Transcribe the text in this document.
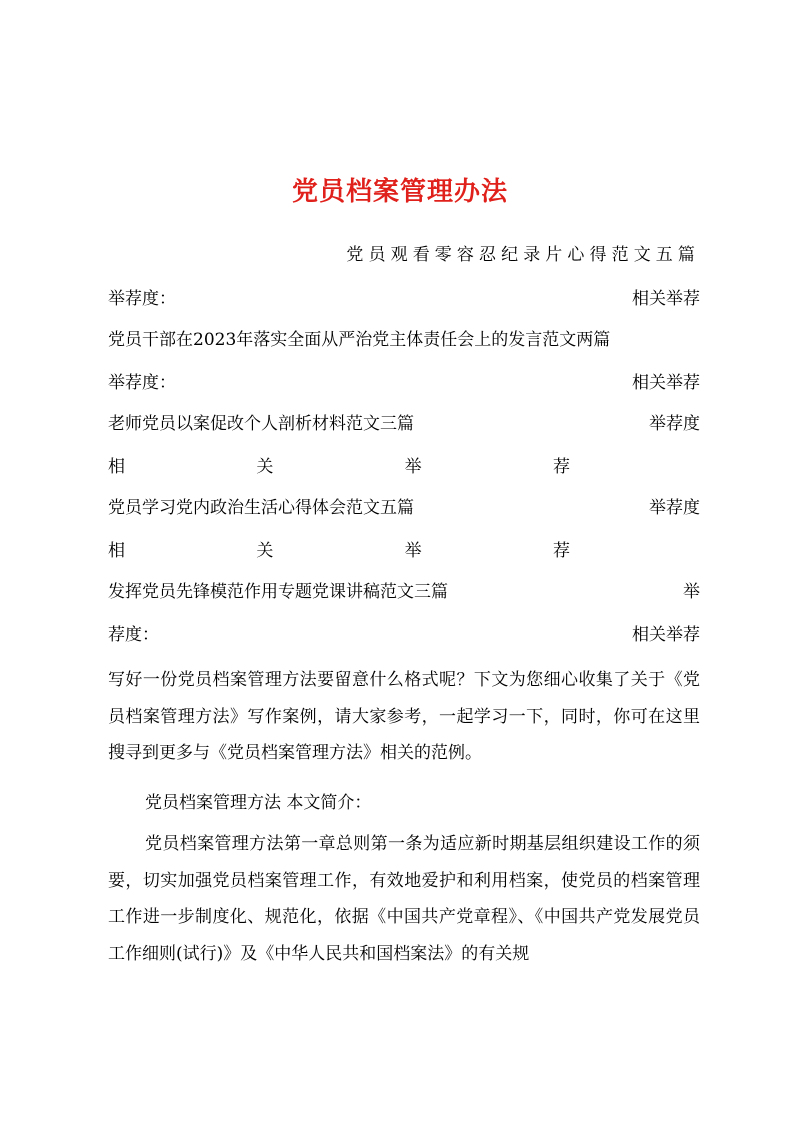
党员档案管理办法
党员观看零容忍纪录片心得范文五篇
举荐度：	相关举荐
党员干部在2023年落实全面从严治党主体责任会上的发言范文两篇
举荐度：	相关举荐
老师党员以案促改个人剖析材料范文三篇	举荐度
相	关	举	荐
党员学习党内政治生活心得体会范文五篇	举荐度
相	关	举	荐
发挥党员先锋模范作用专题党课讲稿范文三篇	举
荐度：	相关举荐
写好一份党员档案管理方法要留意什么格式呢？下文为您细心收集了关于《党员档案管理方法》写作案例，请大家参考，一起学习一下，同时，你可在这里搜寻到更多与《党员档案管理方法》相关的范例。
党员档案管理方法 本文简介：
党员档案管理方法第一章总则第一条为适应新时期基层组织建设工作的须要，切实加强党员档案管理工作，有效地爱护和利用档案，使党员的档案管理工作进一步制度化、规范化，依据《中国共产党章程》、《中国共产党发展党员工作细则(试行)》及《中华人民共和国档案法》的有关规
